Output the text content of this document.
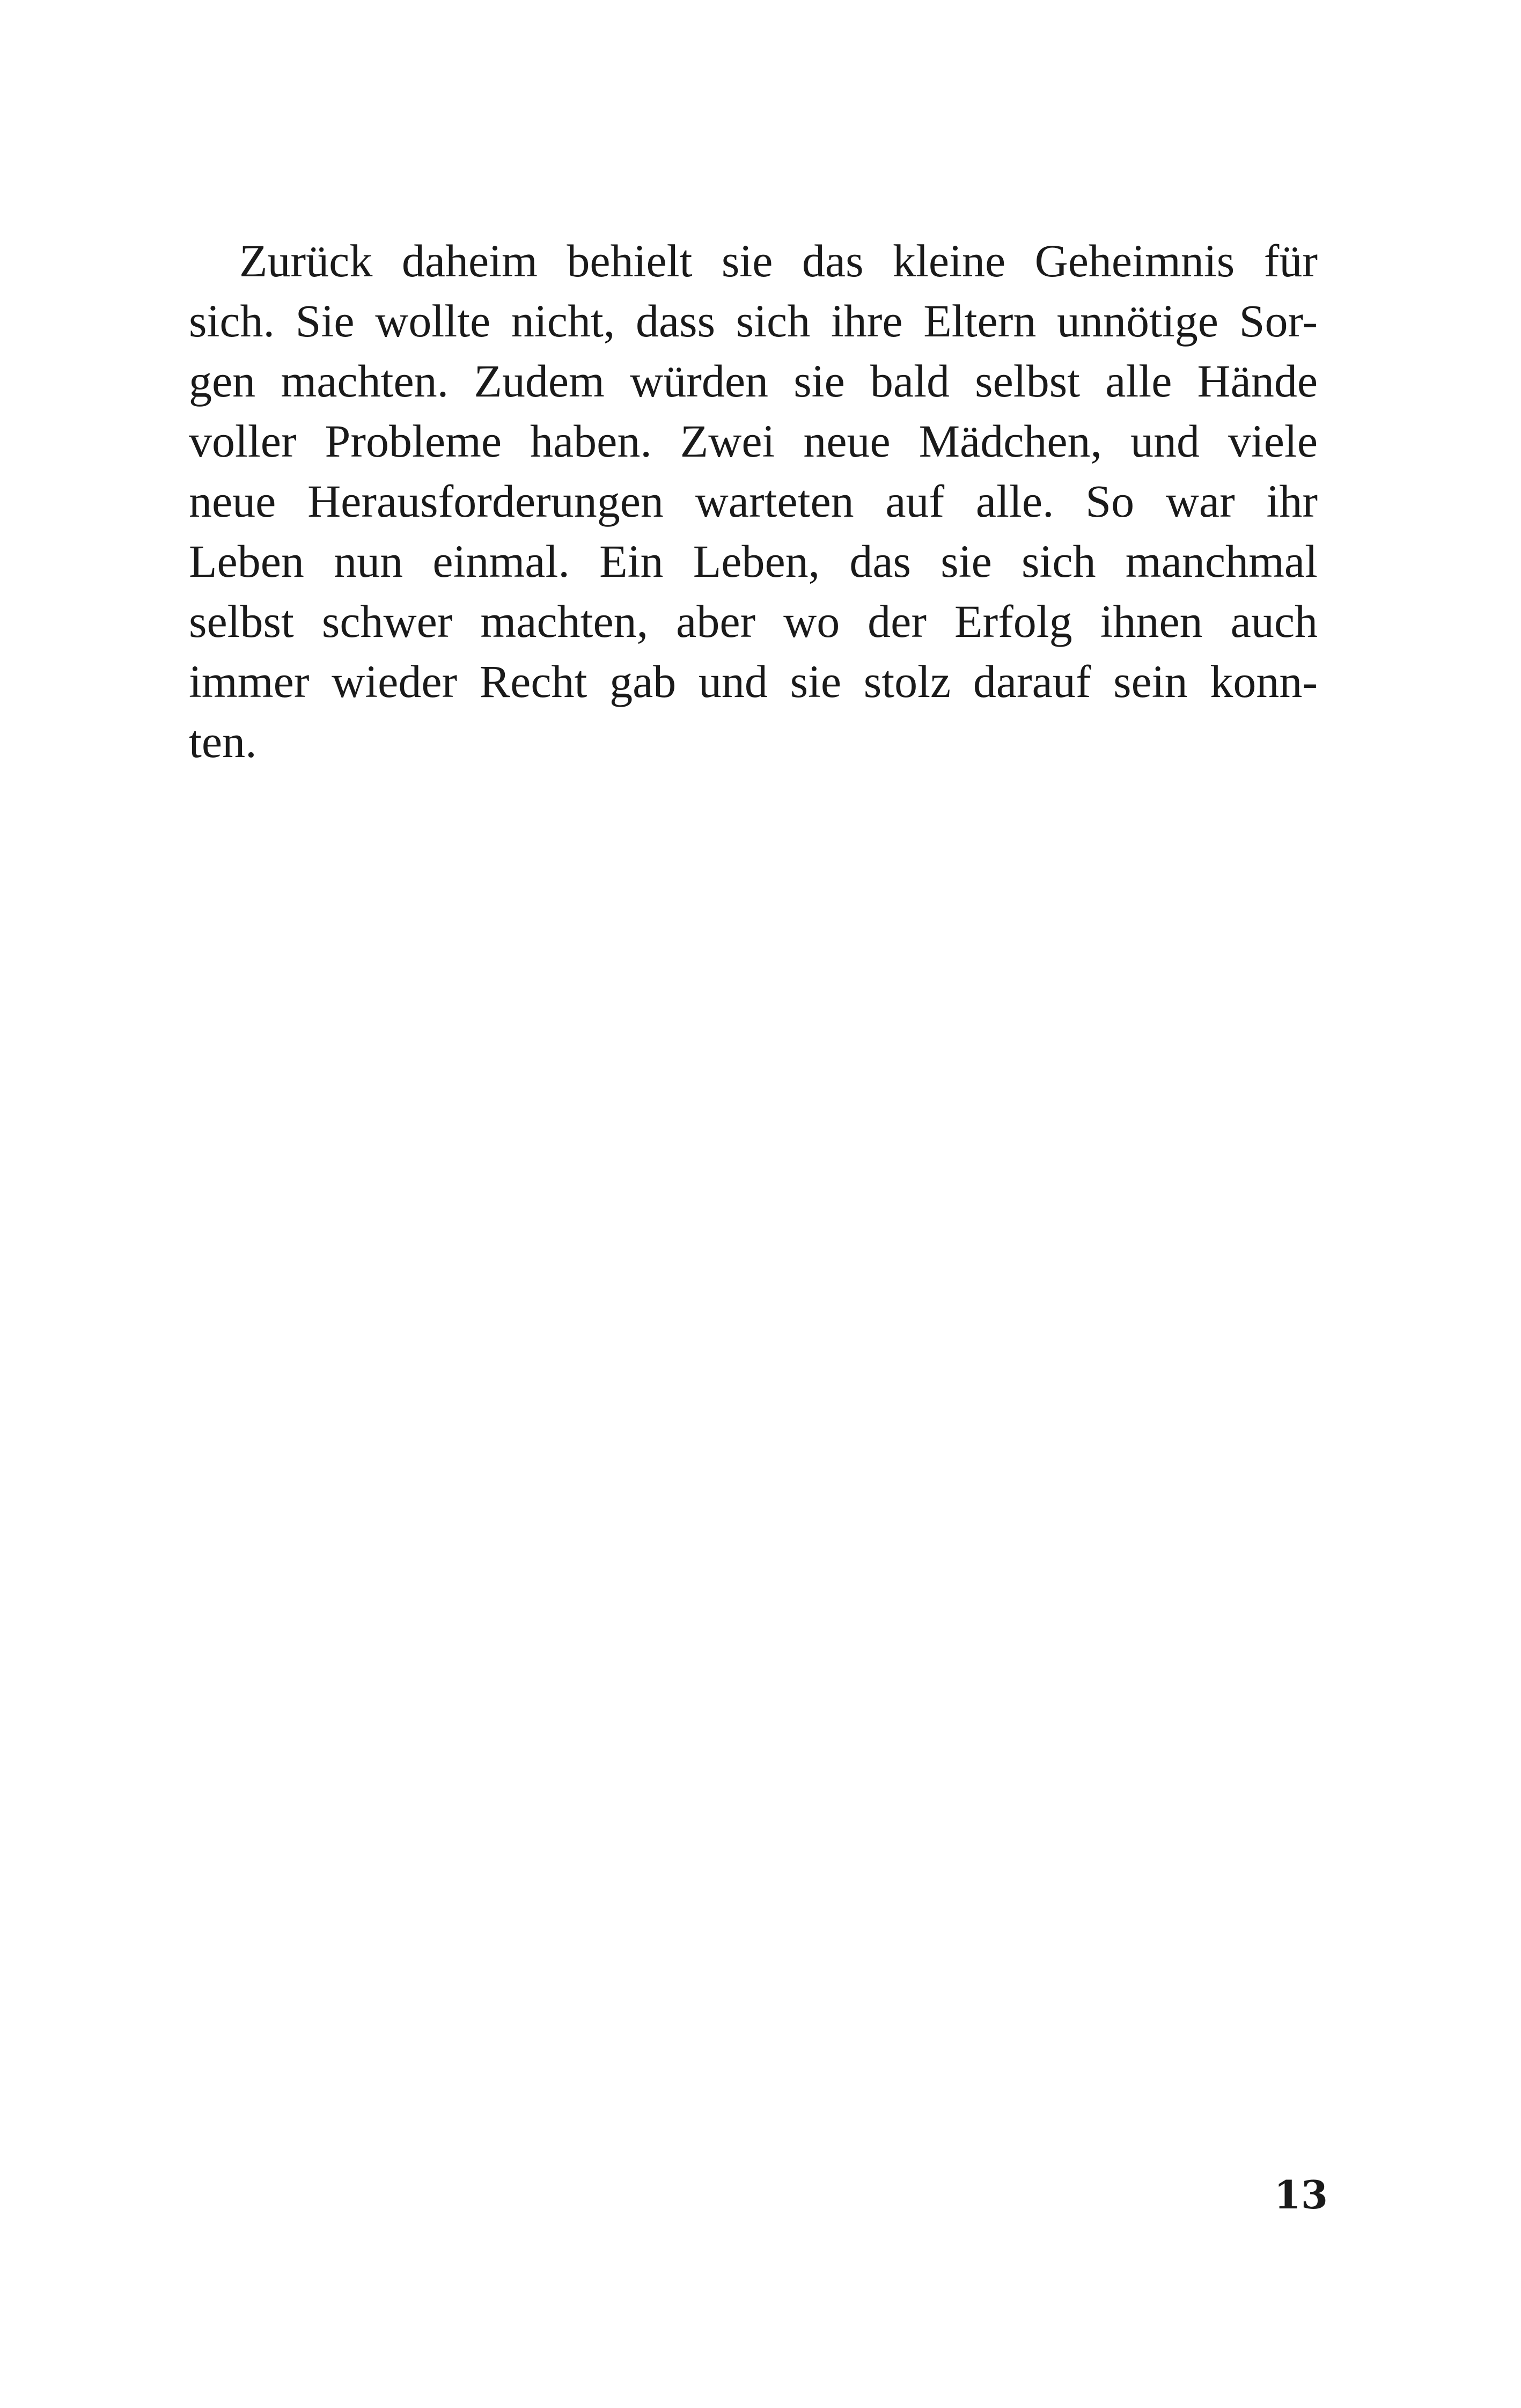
Zurück daheim behielt sie das kleine Geheimnis für
sich. Sie wollte nicht, dass sich ihre Eltern unnötige Sor-
gen machten. Zudem würden sie bald selbst alle Hände
voller Probleme haben. Zwei neue Mädchen, und viele
neue Herausforderungen warteten auf alle. So war ihr
Leben nun einmal. Ein Leben, das sie sich manchmal
selbst schwer machten, aber wo der Erfolg ihnen auch
immer wieder Recht gab und sie stolz darauf sein konn-
ten.
13
